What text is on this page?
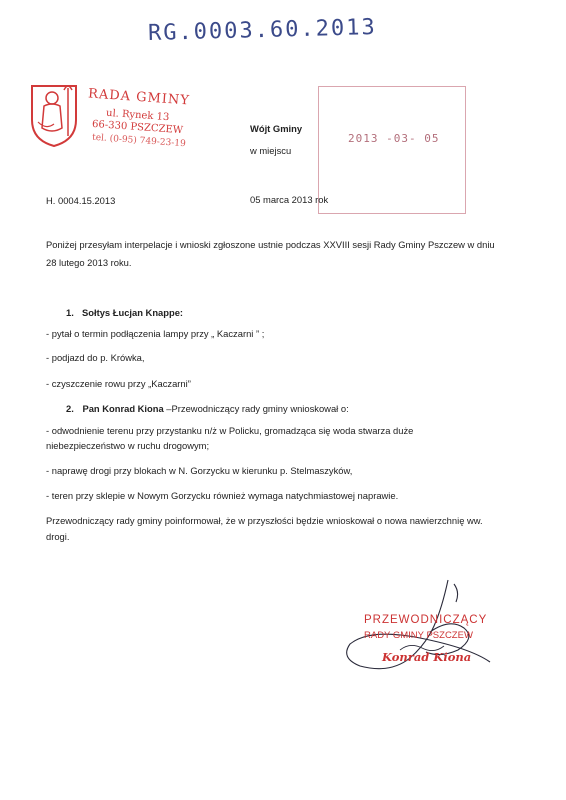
RG.0003.60.2013
RADA GMINY
ul. Rynek 13
66-330 PSZCZEW
tel. (0-95) 749-23-19
Wójt Gminy
w miejscu
2013 -03- 05
H. 0004.15.2013	05 marca 2013 rok
Poniżej przesyłam interpelacje i wnioski zgłoszone ustnie podczas XXVIII sesji Rady Gminy Pszczew w dniu
28 lutego 2013 roku.
1. Sołtys Łucjan Knappe:
- pytał o termin podłączenia lampy przy „ Kaczarni ” ;
- podjazd do p. Krówka,
- czyszczenie rowu przy „Kaczarni”
2. Pan Konrad Kiona –Przewodniczący rady gminy wnioskował o:
- odwodnienie terenu przy przystanku n/ż w Policku, gromadząca się woda stwarza duże
niebezpieczeństwo w ruchu drogowym;
- naprawę drogi przy blokach w N. Gorzycku w kierunku p. Stelmaszyków,
- teren przy sklepie w Nowym Gorzycku również wymaga natychmiastowej naprawie.
Przewodniczący rady gminy poinformował, że w przyszłości będzie wnioskował o nowa nawierzchnię ww.
drogi.
PRZEWODNICZĄCY
RADY GMINY PSZCZEW
Konrad Kiona
